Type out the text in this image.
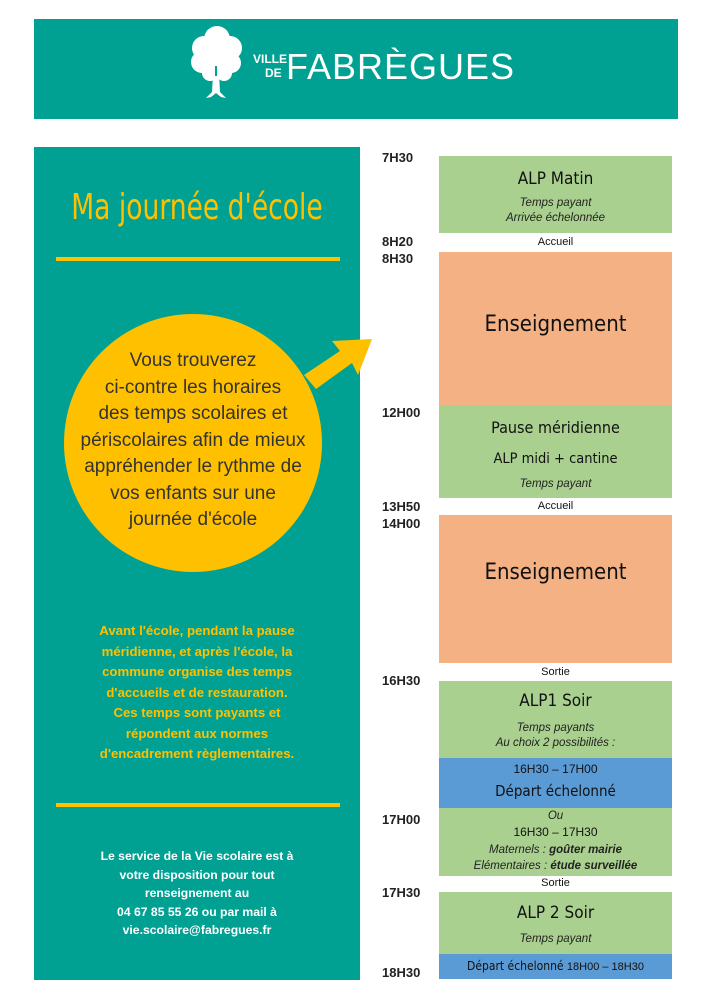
VILLE
DE FABRÈGUES
Ma journée d'école
Vous trouverez
ci-contre les horaires
des temps scolaires et
périscolaires afin de mieux
appréhender le rythme de
vos enfants sur une
journée d'école
Avant l'école, pendant la pause
méridienne, et après l'école, la
commune organise des temps
d'accueils et de restauration.
Ces temps sont payants et
répondent aux normes
d'encadrement règlementaires.
Le service de la Vie scolaire est à
votre disposition pour tout
renseignement au
04 67 85 55 26 ou par mail à
vie.scolaire@fabregues.fr
7H30
8H20
8H30
12H00
13H50
14H00
16H30
17H00
17H30
18H30
ALP Matin
Temps payant
Arrivée échelonnée
Accueil
Enseignement
Pause méridienne
ALP midi + cantine
Temps payant
Accueil
Enseignement
Sortie
ALP1 Soir
Temps payants
Au choix 2 possibilités :
16H30 – 17H00
Départ échelonné
Ou
16H30 – 17H30
Maternels : goûter mairie
Elémentaires : étude surveillée
Sortie
ALP 2 Soir
Temps payant
Départ échelonné 18H00 – 18H30
